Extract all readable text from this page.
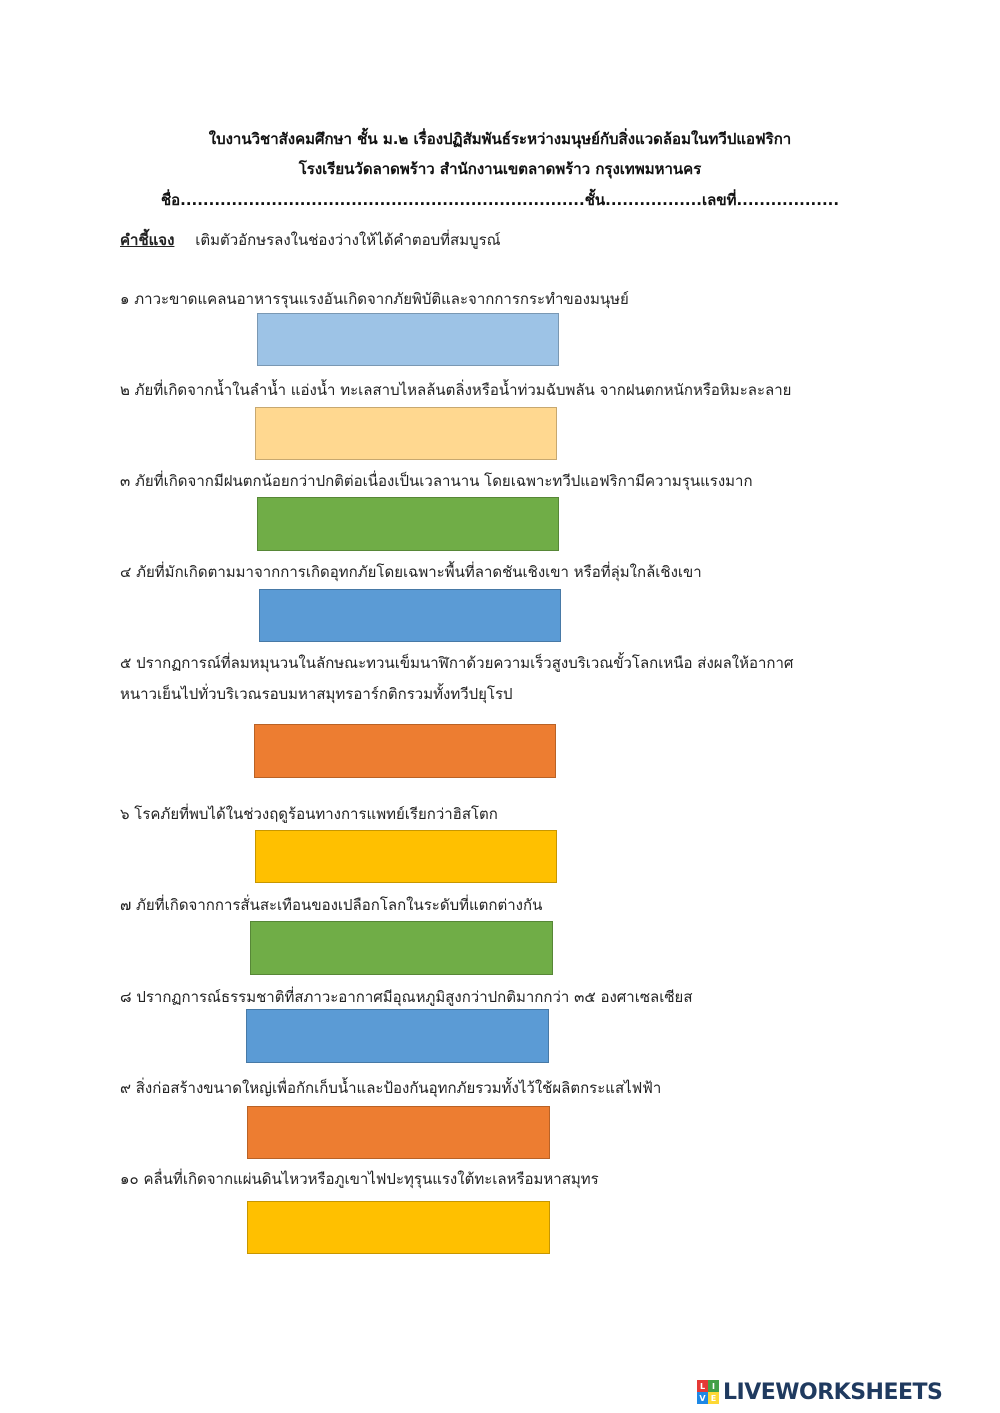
ใบงานวิชาสังคมศึกษา ชั้น ม.๒ เรื่องปฏิสัมพันธ์ระหว่างมนุษย์กับสิ่งแวดล้อมในทวีปแอฟริกา
โรงเรียนวัดลาดพร้าว สำนักงานเขตลาดพร้าว กรุงเทพมหานคร
ชื่อ.......................................................................ชั้น.................เลขที่..................
คำชี้แจง เติมตัวอักษรลงในช่องว่างให้ได้คำตอบที่สมบูรณ์
๑ ภาวะขาดแคลนอาหารรุนแรงอันเกิดจากภัยพิบัติและจากการกระทำของมนุษย์
๒ ภัยที่เกิดจากน้ำในลำน้ำ แอ่งน้ำ ทะเลสาบไหลล้นตลิ่งหรือน้ำท่วมฉับพลัน จากฝนตกหนักหรือหิมะละลาย
๓ ภัยที่เกิดจากมีฝนตกน้อยกว่าปกติต่อเนื่องเป็นเวลานาน โดยเฉพาะทวีปแอฟริกามีความรุนแรงมาก
๔ ภัยที่มักเกิดตามมาจากการเกิดอุทกภัยโดยเฉพาะพื้นที่ลาดชันเชิงเขา หรือที่ลุ่มใกล้เชิงเขา
๕ ปรากฏการณ์ที่ลมหมุนวนในลักษณะทวนเข็มนาฬิกาด้วยความเร็วสูงบริเวณขั้วโลกเหนือ ส่งผลให้อากาศ
หนาวเย็นไปทั่วบริเวณรอบมหาสมุทรอาร์กติกรวมทั้งทวีปยุโรป
๖ โรคภัยที่พบได้ในช่วงฤดูร้อนทางการแพทย์เรียกว่าฮิสโตก
๗ ภัยที่เกิดจากการสั่นสะเทือนของเปลือกโลกในระดับที่แตกต่างกัน
๘ ปรากฏการณ์ธรรมชาติที่สภาวะอากาศมีอุณหภูมิสูงกว่าปกติมากกว่า ๓๕ องศาเซลเซียส
๙ สิ่งก่อสร้างขนาดใหญ่เพื่อกักเก็บน้ำและป้องกันอุทกภัยรวมทั้งไว้ใช้ผลิตกระแสไฟฟ้า
๑๐ คลื่นที่เกิดจากแผ่นดินไหวหรือภูเขาไฟปะทุรุนแรงใต้ทะเลหรือมหาสมุทร
L I
V E LIVEWORKSHEETS
